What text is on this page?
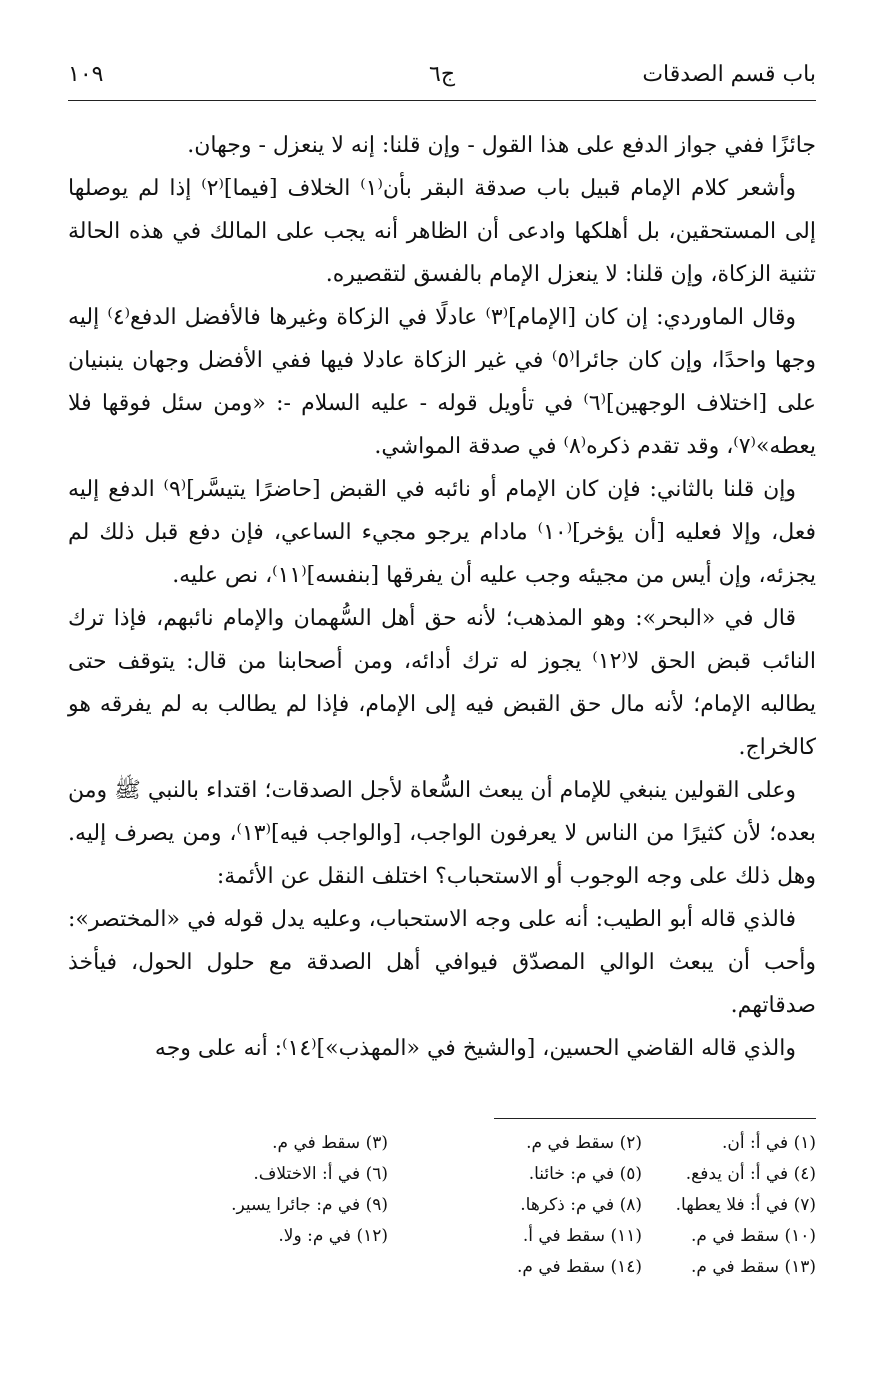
باب قسم الصدقات
ج٦
١٠٩

جائزًا ففي جواز الدفع على هذا القول - وإن قلنا: إنه لا ينعزل - وجهان.

وأشعر كلام الإمام قبيل باب صدقة البقر بأن⁽١⁾ الخلاف [فيما]⁽٢⁾ إذا لم يوصلها إلى المستحقين، بل أهلكها وادعى أن الظاهر أنه يجب على المالك في هذه الحالة تثنية الزكاة، وإن قلنا: لا ينعزل الإمام بالفسق لتقصيره.

وقال الماوردي: إن كان [الإمام]⁽٣⁾ عادلًا في الزكاة وغيرها فالأفضل الدفع⁽٤⁾ إليه وجها واحدًا، وإن كان جائرا⁽٥⁾ في غير الزكاة عادلا فيها ففي الأفضل وجهان ينبنيان على [اختلاف الوجهين]⁽٦⁾ في تأويل قوله - عليه السلام -: «ومن سئل فوقها فلا يعطه»⁽٧⁾، وقد تقدم ذكره⁽٨⁾ في صدقة المواشي.

وإن قلنا بالثاني: فإن كان الإمام أو نائبه في القبض [حاضرًا يتيسَّر]⁽٩⁾ الدفع إليه فعل، وإلا فعليه [أن يؤخر]⁽١٠⁾ مادام يرجو مجيء الساعي، فإن دفع قبل ذلك لم يجزئه، وإن أيس من مجيئه وجب عليه أن يفرقها [بنفسه]⁽١١⁾، نص عليه.

قال في «البحر»: وهو المذهب؛ لأنه حق أهل السُّهمان والإمام نائبهم، فإذا ترك النائب قبض الحق لا⁽١٢⁾ يجوز له ترك أدائه، ومن أصحابنا من قال: يتوقف حتى يطالبه الإمام؛ لأنه مال حق القبض فيه إلى الإمام، فإذا لم يطالب به لم يفرقه هو كالخراج.

وعلى القولين ينبغي للإمام أن يبعث السُّعاة لأجل الصدقات؛ اقتداء بالنبي ﷺ ومن بعده؛ لأن كثيرًا من الناس لا يعرفون الواجب، [والواجب فيه]⁽١٣⁾، ومن يصرف إليه. وهل ذلك على وجه الوجوب أو الاستحباب؟ اختلف النقل عن الأئمة:

فالذي قاله أبو الطيب: أنه على وجه الاستحباب، وعليه يدل قوله في «المختصر»: وأحب أن يبعث الوالي المصدّق فيوافي أهل الصدقة مع حلول الحول، فيأخذ صدقاتهم.

والذي قاله القاضي الحسين، [والشيخ في «المهذب»]⁽١٤⁾: أنه على وجه

(١) في أ: أن.
(٢) سقط في م.
(٣) سقط في م.
(٤) في أ: أن يدفع.
(٥) في م: خائنا.
(٦) في أ: الاختلاف.
(٧) في أ: فلا يعطها.
(٨) في م: ذكرها.
(٩) في م: جائرا يسير.
(١٠) سقط في م.
(١١) سقط في أ.
(١٢) في م: ولا.
(١٣) سقط في م.
(١٤) سقط في م.
